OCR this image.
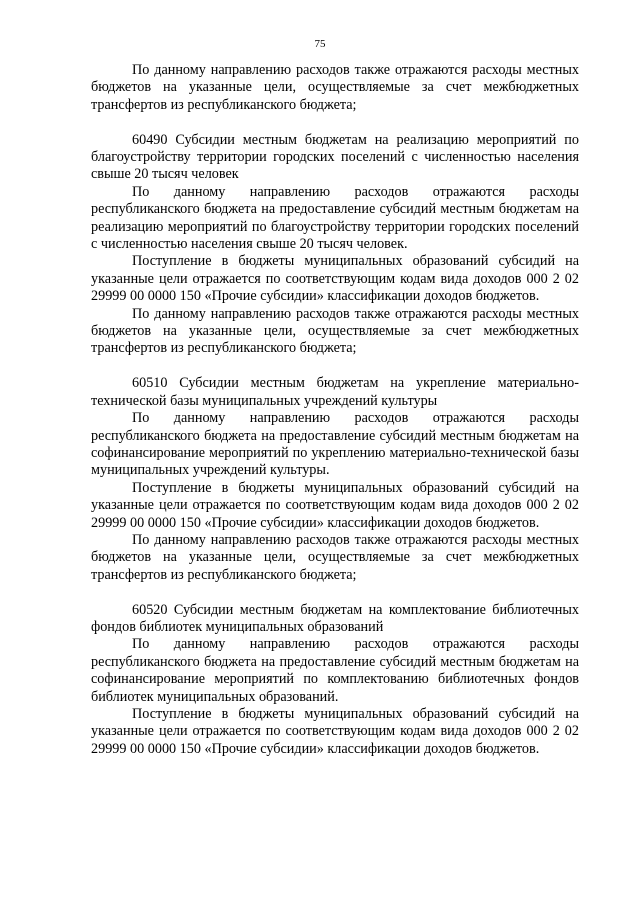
75

По данному направлению расходов также отражаются расходы местных бюджетов на указанные цели, осуществляемые за счет межбюджетных трансфертов из республиканского бюджета;

60490 Субсидии местным бюджетам на реализацию мероприятий по благоустройству территории городских поселений с численностью населения свыше 20 тысяч человек

По данному направлению расходов отражаются расходы республиканского бюджета на предоставление субсидий местным бюджетам на реализацию мероприятий по благоустройству территории городских поселений с численностью населения свыше 20 тысяч человек.

Поступление в бюджеты муниципальных образований субсидий на указанные цели отражается по соответствующим кодам вида доходов 000 2 02 29999 00 0000 150 «Прочие субсидии» классификации доходов бюджетов.

По данному направлению расходов также отражаются расходы местных бюджетов на указанные цели, осуществляемые за счет межбюджетных трансфертов из республиканского бюджета;

60510 Субсидии местным бюджетам на укрепление материально-технической базы муниципальных учреждений культуры

По данному направлению расходов отражаются расходы республиканского бюджета на предоставление субсидий местным бюджетам на софинансирование мероприятий по укреплению материально-технической базы муниципальных учреждений культуры.

Поступление в бюджеты муниципальных образований субсидий на указанные цели отражается по соответствующим кодам вида доходов 000 2 02 29999 00 0000 150 «Прочие субсидии» классификации доходов бюджетов.

По данному направлению расходов также отражаются расходы местных бюджетов на указанные цели, осуществляемые за счет межбюджетных трансфертов из республиканского бюджета;

60520 Субсидии местным бюджетам на комплектование библиотечных фондов библиотек муниципальных образований

По данному направлению расходов отражаются расходы республиканского бюджета на предоставление субсидий местным бюджетам на софинансирование мероприятий по комплектованию библиотечных фондов библиотек муниципальных образований.

Поступление в бюджеты муниципальных образований субсидий на указанные цели отражается по соответствующим кодам вида доходов 000 2 02 29999 00 0000 150 «Прочие субсидии» классификации доходов бюджетов.
